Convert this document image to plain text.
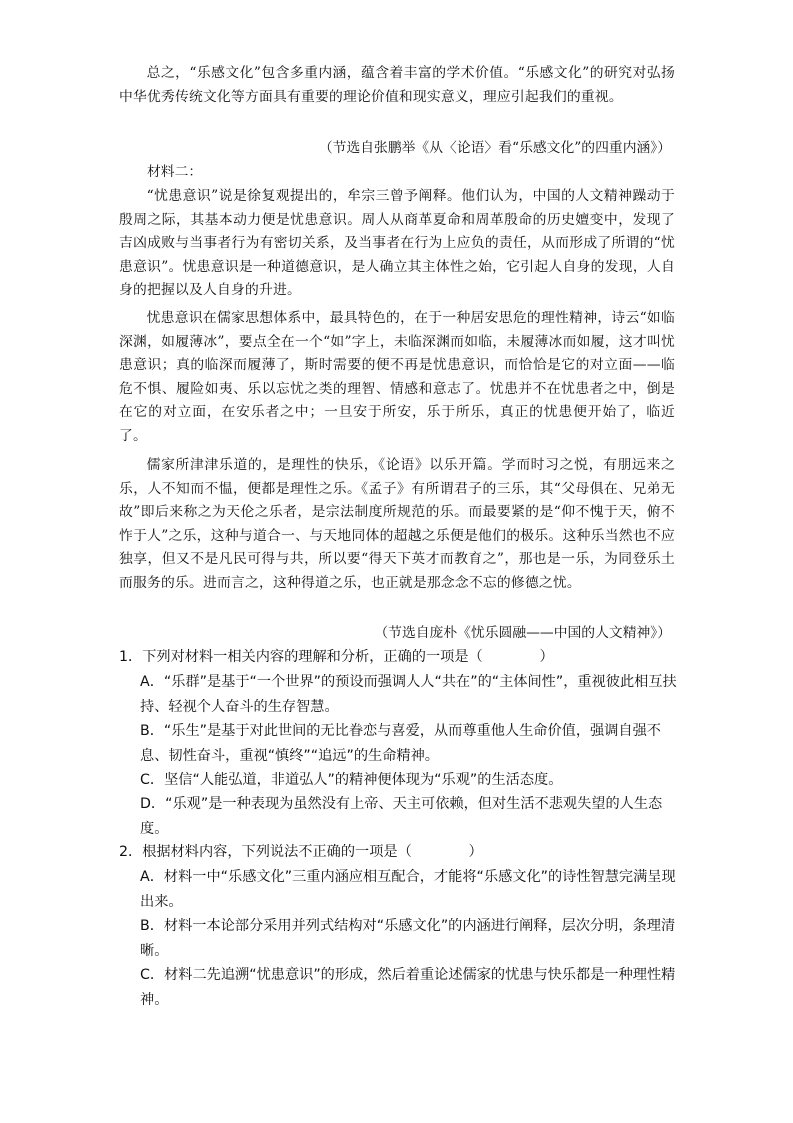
总之，“乐感文化”包含多重内涵，蕴含着丰富的学术价值。“乐感文化”的研究对弘扬中华优秀传统文化等方面具有重要的理论价值和现实意义，理应引起我们的重视。

（节选自张鹏举《从〈论语〉看“乐感文化”的四重内涵》）

材料二：

“忧患意识”说是徐复观提出的，牟宗三曾予阐释。他们认为，中国的人文精神躁动于殷周之际，其基本动力便是忧患意识。周人从商革夏命和周革殷命的历史嬗变中，发现了吉凶成败与当事者行为有密切关系，及当事者在行为上应负的责任，从而形成了所谓的“忧患意识”。忧患意识是一种道德意识，是人确立其主体性之始，它引起人自身的发现，人自身的把握以及人自身的升进。

忧患意识在儒家思想体系中，最具特色的，在于一种居安思危的理性精神，诗云“如临深渊，如履薄冰”，要点全在一个“如”字上，未临深渊而如临，未履薄冰而如履，这才叫忧患意识；真的临深而履薄了，斯时需要的便不再是忧患意识，而恰恰是它的对立面——临危不惧、履险如夷、乐以忘忧之类的理智、情感和意志了。忧患并不在忧患者之中，倒是在它的对立面，在安乐者之中；一旦安于所安，乐于所乐，真正的忧患便开始了，临近了。

儒家所津津乐道的，是理性的快乐，《论语》以乐开篇。学而时习之悦，有朋远来之乐，人不知而不愠，便都是理性之乐。《孟子》有所谓君子的三乐，其“父母俱在、兄弟无故”即后来称之为天伦之乐者，是宗法制度所规范的乐。而最要紧的是“仰不愧于天，俯不怍于人”之乐，这种与道合一、与天地同体的超越之乐便是他们的极乐。这种乐当然也不应独享，但又不是凡民可得与共，所以要“得天下英才而教育之”，那也是一乐，为同登乐土而服务的乐。进而言之，这种得道之乐，也正就是那念念不忘的修德之忧。

（节选自庞朴《忧乐圆融——中国的人文精神》）

1．下列对材料一相关内容的理解和分析，正确的一项是（　　　　）

A．“乐群”是基于“一个世界”的预设而强调人人“共在”的“主体间性”，重视彼此相互扶持、轻视个人奋斗的生存智慧。

B．“乐生”是基于对此世间的无比眷恋与喜爱，从而尊重他人生命价值，强调自强不息、韧性奋斗，重视“慎终”“追远”的生命精神。

C．坚信“人能弘道，非道弘人”的精神便体现为“乐观”的生活态度。

D．“乐观”是一种表现为虽然没有上帝、天主可依赖，但对生活不悲观失望的人生态度。

2．根据材料内容，下列说法不正确的一项是（　　　　）

A．材料一中“乐感文化”三重内涵应相互配合，才能将“乐感文化”的诗性智慧完满呈现出来。

B．材料一本论部分采用并列式结构对“乐感文化”的内涵进行阐释，层次分明，条理清晰。

C．材料二先追溯“忧患意识”的形成，然后着重论述儒家的忧患与快乐都是一种理性精神。
